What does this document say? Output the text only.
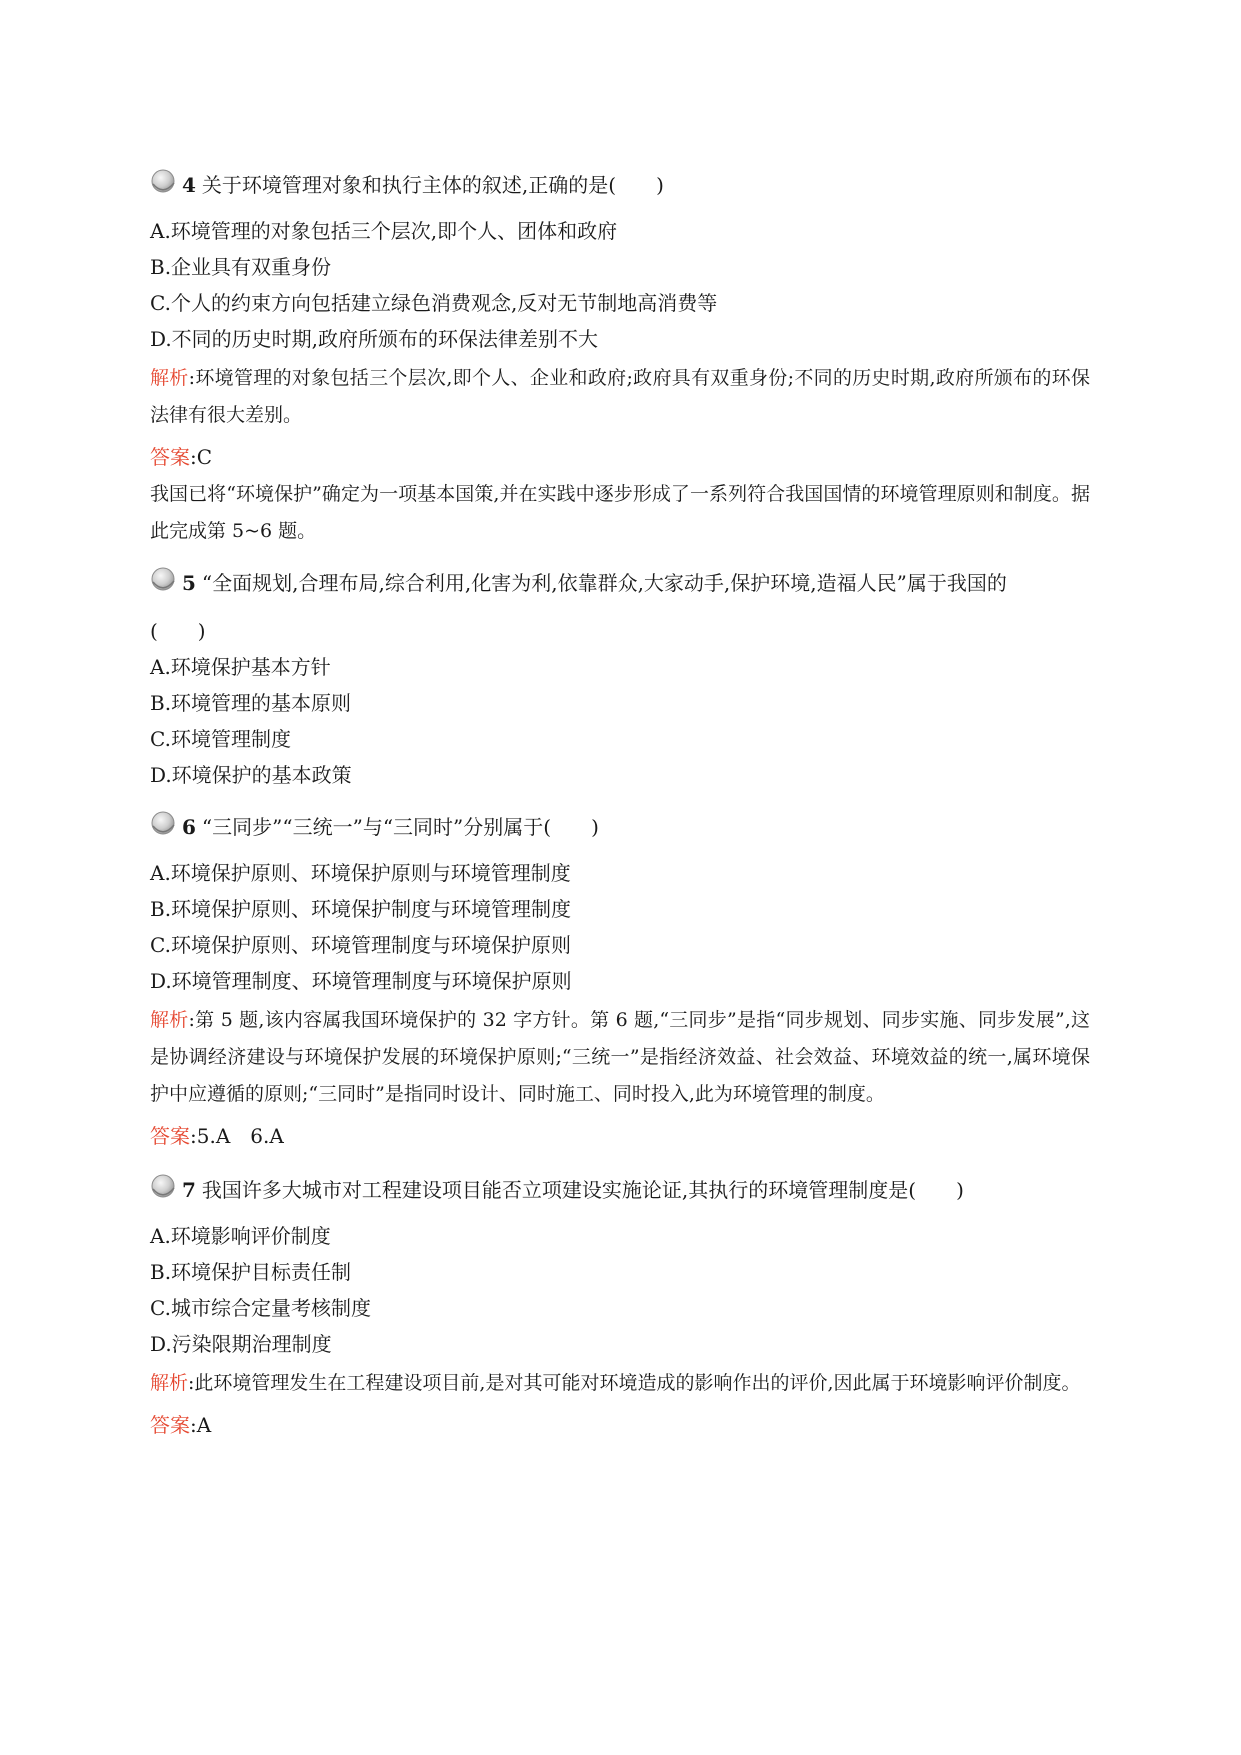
4 关于环境管理对象和执行主体的叙述,正确的是(　　)

A.环境管理的对象包括三个层次,即个人、团体和政府

B.企业具有双重身份

C.个人的约束方向包括建立绿色消费观念,反对无节制地高消费等

D.不同的历史时期,政府所颁布的环保法律差别不大

解析:环境管理的对象包括三个层次,即个人、企业和政府;政府具有双重身份;不同的历史时期,政府所颁布的环保法律有很大差别。

答案:C

我国已将“环境保护”确定为一项基本国策,并在实践中逐步形成了一系列符合我国国情的环境管理原则和制度。据此完成第 5~6 题。

5 “全面规划,合理布局,综合利用,化害为利,依靠群众,大家动手,保护环境,造福人民”属于我国的

(　　)

A.环境保护基本方针

B.环境管理的基本原则

C.环境管理制度

D.环境保护的基本政策

6 “三同步”“三统一”与“三同时”分别属于(　　)

A.环境保护原则、环境保护原则与环境管理制度

B.环境保护原则、环境保护制度与环境管理制度

C.环境保护原则、环境管理制度与环境保护原则

D.环境管理制度、环境管理制度与环境保护原则

解析:第 5 题,该内容属我国环境保护的 32 字方针。第 6 题,“三同步”是指“同步规划、同步实施、同步发展”,这是协调经济建设与环境保护发展的环境保护原则;“三统一”是指经济效益、社会效益、环境效益的统一,属环境保护中应遵循的原则;“三同时”是指同时设计、同时施工、同时投入,此为环境管理的制度。

答案:5.A　6.A

7 我国许多大城市对工程建设项目能否立项建设实施论证,其执行的环境管理制度是(　　)

A.环境影响评价制度

B.环境保护目标责任制

C.城市综合定量考核制度

D.污染限期治理制度

解析:此环境管理发生在工程建设项目前,是对其可能对环境造成的影响作出的评价,因此属于环境影响评价制度。

答案:A
